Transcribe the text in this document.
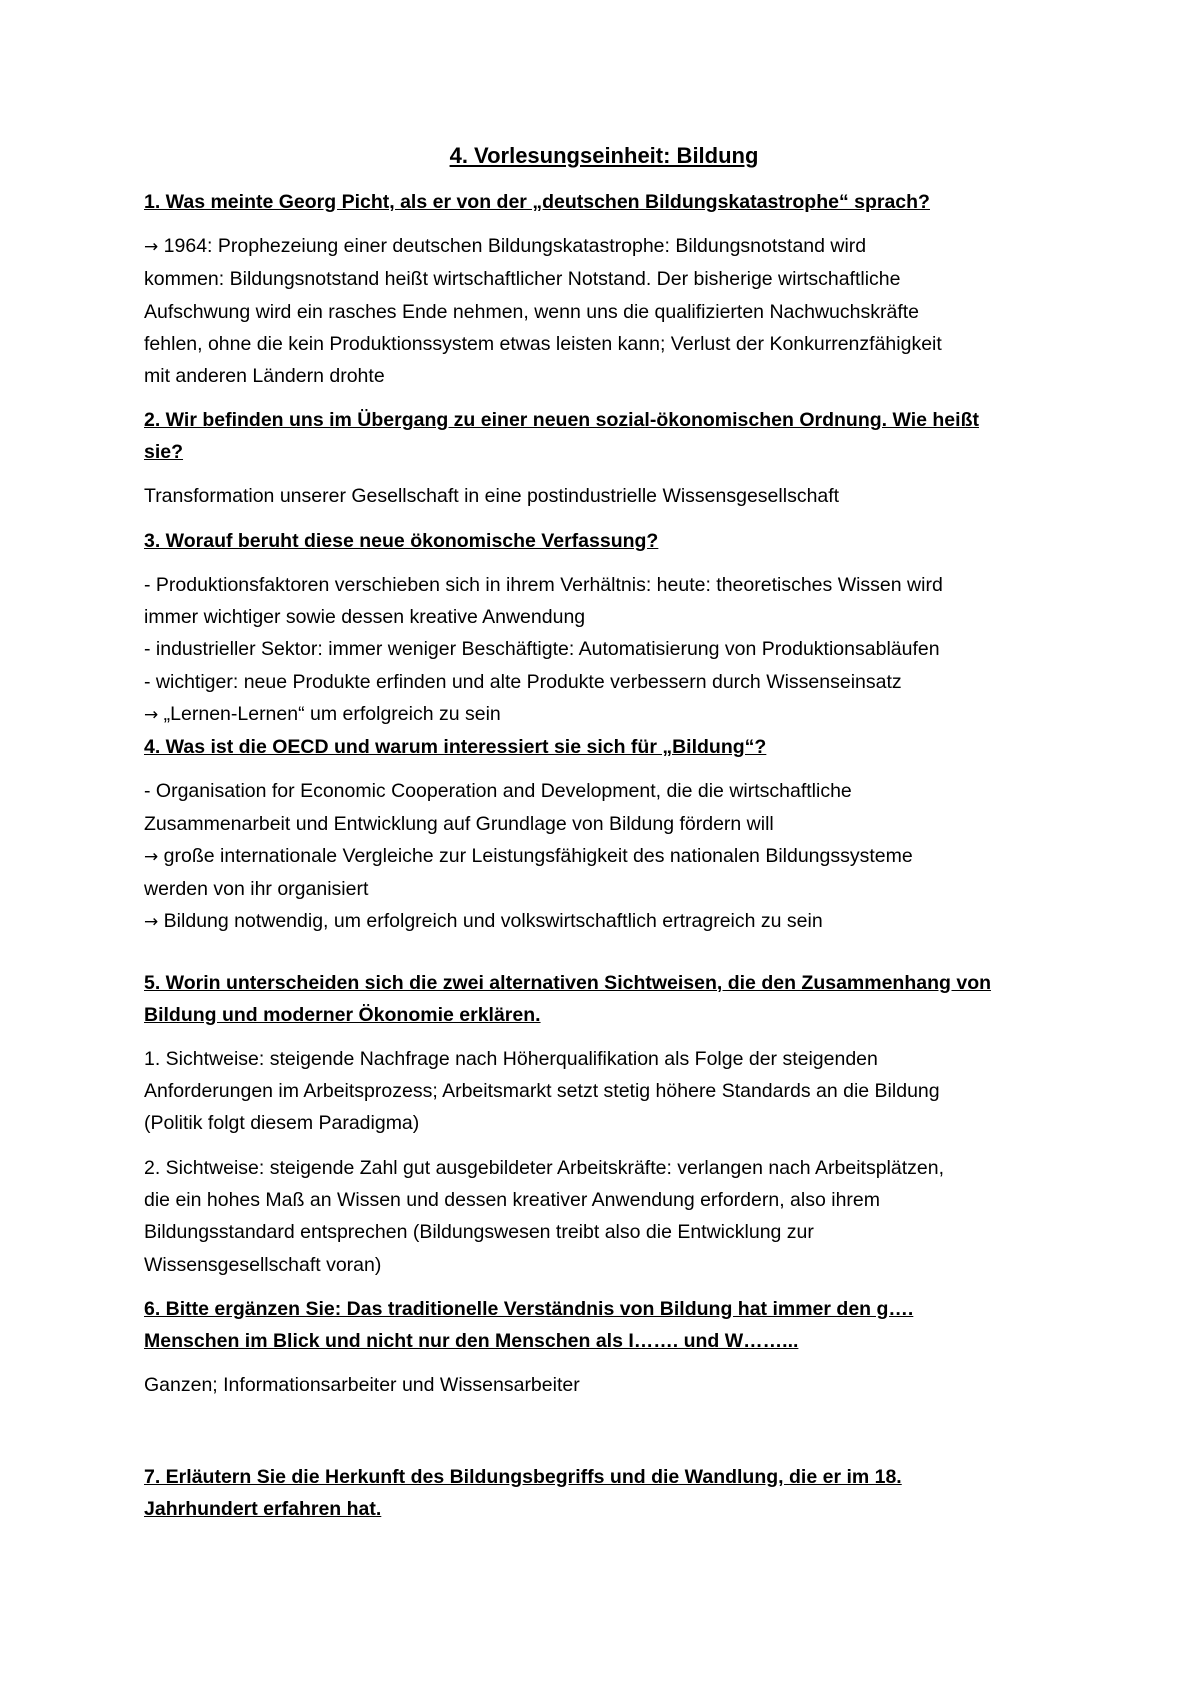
4. Vorlesungseinheit: Bildung
1. Was meinte Georg Picht, als er von der „deutschen Bildungskatastrophe“ sprach?
→ 1964: Prophezeiung einer deutschen Bildungskatastrophe: Bildungsnotstand wird
kommen: Bildungsnotstand heißt wirtschaftlicher Notstand. Der bisherige wirtschaftliche
Aufschwung wird ein rasches Ende nehmen, wenn uns die qualifizierten Nachwuchskräfte
fehlen, ohne die kein Produktionssystem etwas leisten kann; Verlust der Konkurrenzfähigkeit
mit anderen Ländern drohte
2. Wir befinden uns im Übergang zu einer neuen sozial-ökonomischen Ordnung. Wie heißt
sie?
Transformation unserer Gesellschaft in eine postindustrielle Wissensgesellschaft
3. Worauf beruht diese neue ökonomische Verfassung?
- Produktionsfaktoren verschieben sich in ihrem Verhältnis: heute: theoretisches Wissen wird
immer wichtiger sowie dessen kreative Anwendung
- industrieller Sektor: immer weniger Beschäftigte: Automatisierung von Produktionsabläufen
- wichtiger: neue Produkte erfinden und alte Produkte verbessern durch Wissenseinsatz
→ „Lernen-Lernen“ um erfolgreich zu sein
4. Was ist die OECD und warum interessiert sie sich für „Bildung“?
- Organisation for Economic Cooperation and Development, die die wirtschaftliche
Zusammenarbeit und Entwicklung auf Grundlage von Bildung fördern will
→ große internationale Vergleiche zur Leistungsfähigkeit des nationalen Bildungssysteme
werden von ihr organisiert
→ Bildung notwendig, um erfolgreich und volkswirtschaftlich ertragreich zu sein
5. Worin unterscheiden sich die zwei alternativen Sichtweisen, die den Zusammenhang von
Bildung und moderner Ökonomie erklären.
1. Sichtweise: steigende Nachfrage nach Höherqualifikation als Folge der steigenden
Anforderungen im Arbeitsprozess; Arbeitsmarkt setzt stetig höhere Standards an die Bildung
(Politik folgt diesem Paradigma)
2. Sichtweise: steigende Zahl gut ausgebildeter Arbeitskräfte: verlangen nach Arbeitsplätzen,
die ein hohes Maß an Wissen und dessen kreativer Anwendung erfordern, also ihrem
Bildungsstandard entsprechen (Bildungswesen treibt also die Entwicklung zur
Wissensgesellschaft voran)
6. Bitte ergänzen Sie: Das traditionelle Verständnis von Bildung hat immer den g….
Menschen im Blick und nicht nur den Menschen als I……. und W……...
Ganzen; Informationsarbeiter und Wissensarbeiter
7. Erläutern Sie die Herkunft des Bildungsbegriffs und die Wandlung, die er im 18.
Jahrhundert erfahren hat.
